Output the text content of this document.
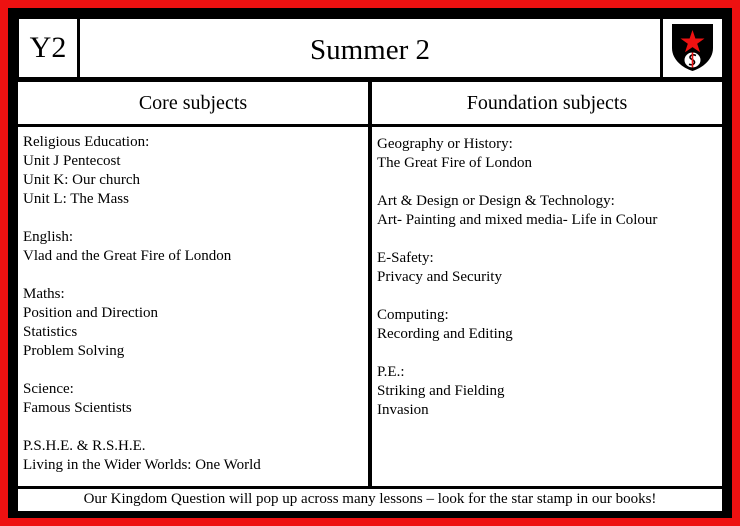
Y2	Summer 2
Core subjects	Foundation subjects
Religious Education:
Unit J Pentecost
Unit K: Our church
Unit L: The Mass
English:
Vlad and the Great Fire of London
Maths:
Position and Direction
Statistics
Problem Solving
Science:
Famous Scientists
P.S.H.E. & R.S.H.E.
Living in the Wider Worlds: One World
Geography or History:
The Great Fire of London
Art & Design or Design & Technology:
Art- Painting and mixed media- Life in Colour
E-Safety:
Privacy and Security
Computing:
Recording and Editing
P.E.:
Striking and Fielding
Invasion
Our Kingdom Question will pop up across many lessons – look for the star stamp in our books!
